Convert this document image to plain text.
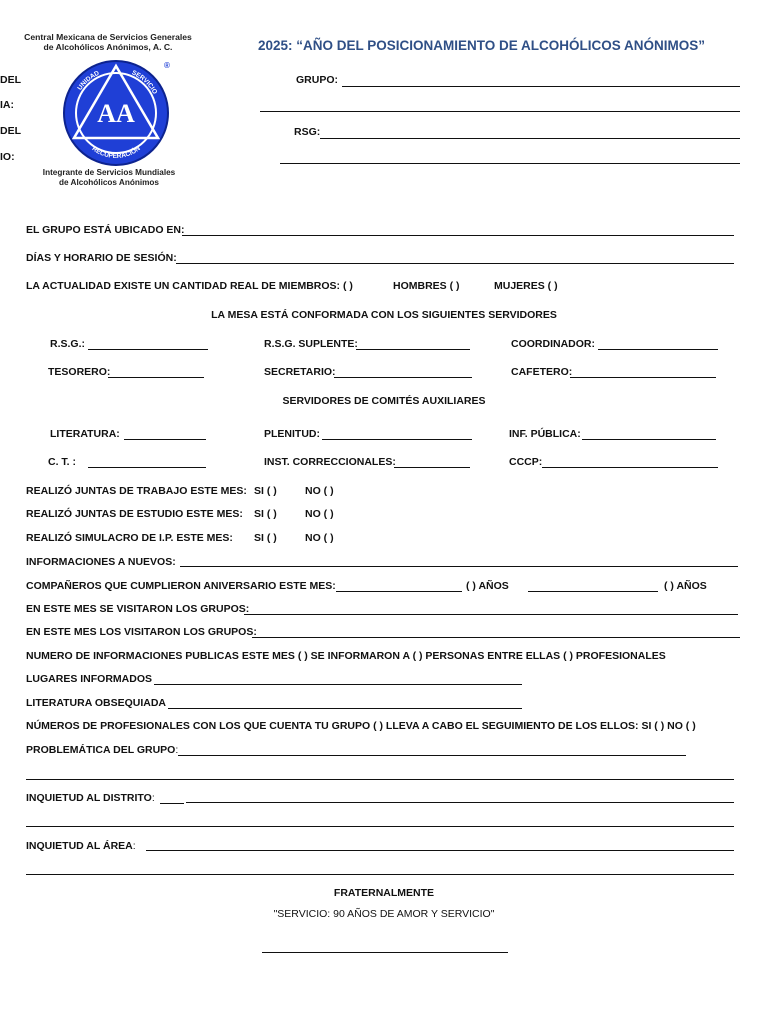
Central Mexicana de Servicios Generales
de Alcohólicos Anónimos, A. C.
AA
UNIDAD	SERVICIO
RECUPERACIÓN
®
Integrante de Servicios Mundiales
de Alcohólicos Anónimos
2025: “AÑO DEL POSICIONAMIENTO DE ALCOHÓLICOS ANÓNIMOS”
DEL
IA:
DEL
IO:
GRUPO:
RSG:
EL GRUPO ESTÁ UBICADO EN:
DÍAS Y HORARIO DE SESIÓN:
LA ACTUALIDAD EXISTE UN CANTIDAD REAL DE MIEMBROS: ( )	HOMBRES ( )	MUJERES ( )
LA MESA ESTÁ CONFORMADA CON LOS SIGUIENTES SERVIDORES
R.S.G.:	R.S.G. SUPLENTE:	COORDINADOR:
TESORERO:	SECRETARIO:	CAFETERO:
SERVIDORES DE COMITÉS AUXILIARES
LITERATURA:	PLENITUD:	INF. PÚBLICA:
C. T. :	INST. CORRECCIONALES:	CCCP:
REALIZÓ JUNTAS DE TRABAJO ESTE MES: SI ( )	NO ( )
REALIZÓ JUNTAS DE ESTUDIO ESTE MES: SI ( )	NO ( )
REALIZÓ SIMULACRO DE I.P. ESTE MES: SI ( )	NO ( )
INFORMACIONES A NUEVOS:
COMPAÑEROS QUE CUMPLIERON ANIVERSARIO ESTE MES:	( ) AÑOS	( ) AÑOS
EN ESTE MES SE VISITARON LOS GRUPOS:
EN ESTE MES LOS VISITARON LOS GRUPOS:
NUMERO DE INFORMACIONES PUBLICAS ESTE MES ( ) SE INFORMARON A ( ) PERSONAS ENTRE ELLAS ( ) PROFESIONALES
LUGARES INFORMADOS
LITERATURA OBSEQUIADA
NÚMEROS DE PROFESIONALES CON LOS QUE CUENTA TU GRUPO ( ) LLEVA A CABO EL SEGUIMIENTO DE LOS ELLOS: SI ( ) NO ( )
PROBLEMÁTICA DEL GRUPO:
INQUIETUD AL DISTRITO:
INQUIETUD AL ÁREA:
FRATERNALMENTE
"SERVICIO: 90 AÑOS DE AMOR Y SERVICIO"
